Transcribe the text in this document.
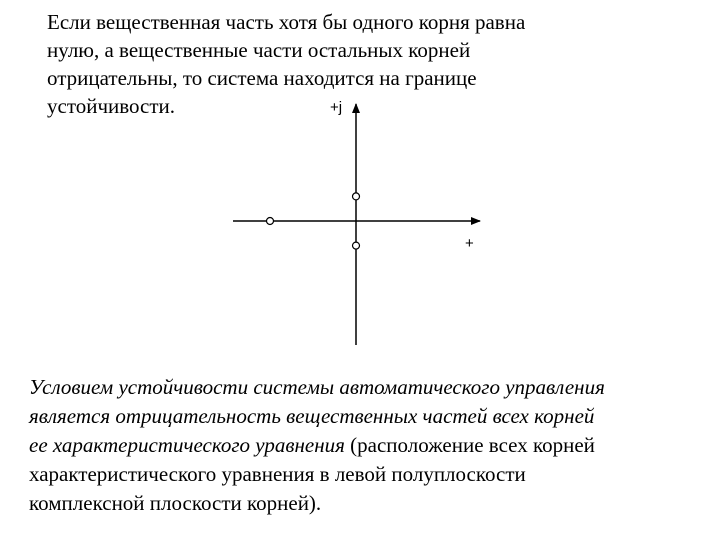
Если вещественная часть хотя бы одного корня равна
нулю, а вещественные части остальных корней
отрицательны, то система находится на границе
устойчивости.	+j
+
Условием устойчивости системы автоматического управления
является отрицательность вещественных частей всех корней
ее характеристического уравнения (расположение всех корней
характеристического уравнения в левой полуплоскости
комплексной плоскости корней).
